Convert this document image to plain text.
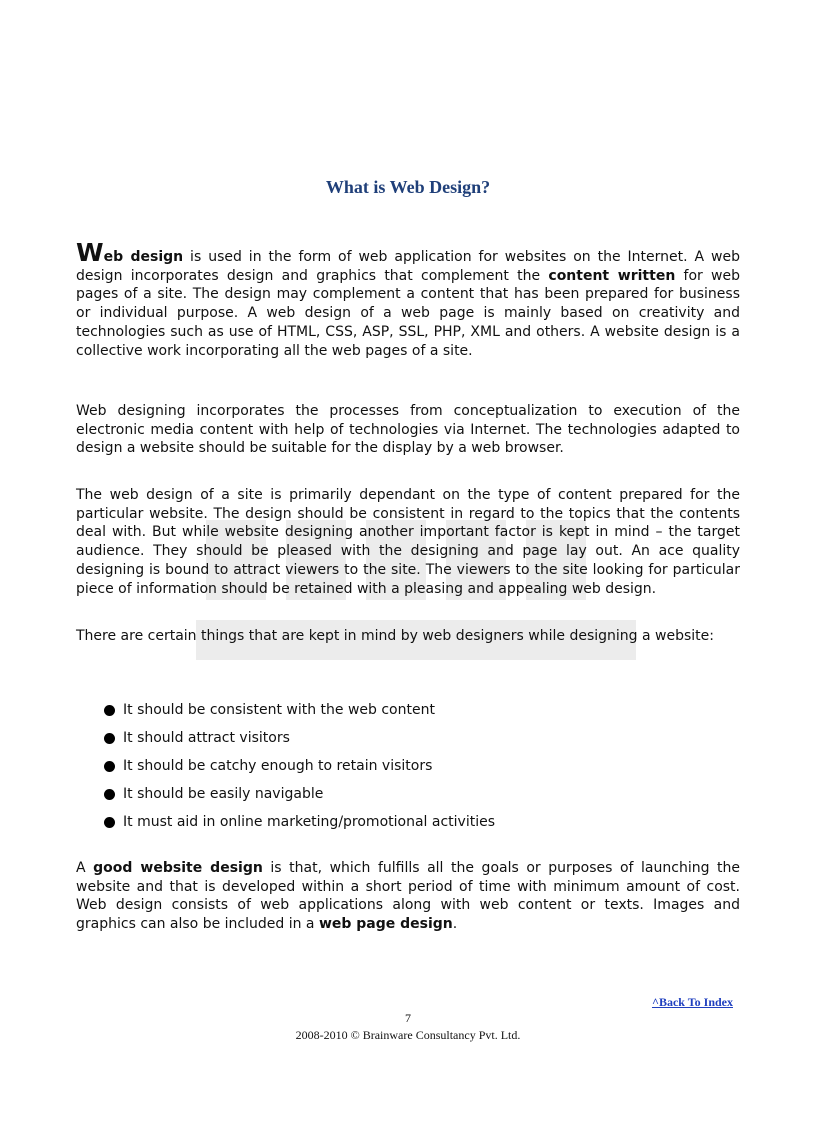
What is Web Design?
Web design is used in the form of web application for websites on the Internet. A web design incorporates design and graphics that complement the content written for web pages of a site. The design may complement a content that has been prepared for business or individual purpose. A web design of a web page is mainly based on creativity and technologies such as use of HTML, CSS, ASP, SSL, PHP, XML and others. A website design is a collective work incorporating all the web pages of a site.
Web designing incorporates the processes from conceptualization to execution of the electronic media content with help of technologies via Internet. The technologies adapted to design a website should be suitable for the display by a web browser.
The web design of a site is primarily dependant on the type of content prepared for the particular website. The design should be consistent in regard to the topics that the contents deal with. But while website designing another important factor is kept in mind – the target audience. They should be pleased with the designing and page lay out. An ace quality designing is bound to attract viewers to the site. The viewers to the site looking for particular piece of information should be retained with a pleasing and appealing web design.
There are certain things that are kept in mind by web designers while designing a website:
It should be consistent with the web content
It should attract visitors
It should be catchy enough to retain visitors
It should be easily navigable
It must aid in online marketing/promotional activities
A good website design is that, which fulfills all the goals or purposes of launching the website and that is developed within a short period of time with minimum amount of cost. Web design consists of web applications along with web content or texts. Images and graphics can also be included in a web page design.
^Back To Index
7
2008-2010 © Brainware Consultancy Pvt. Ltd.
